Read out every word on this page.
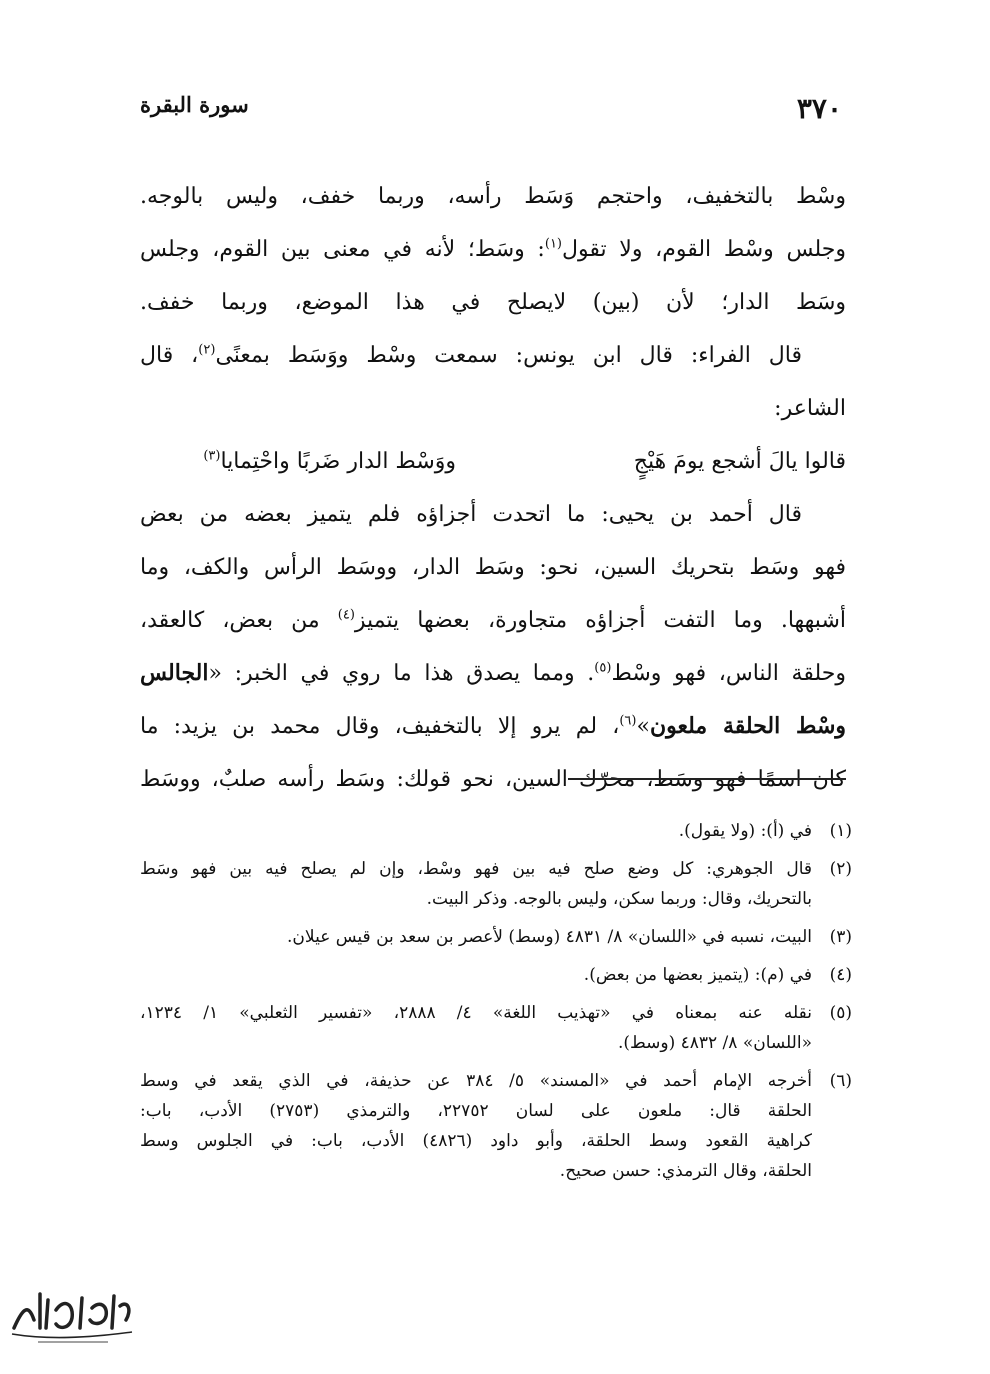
٣٧٠
سورة البقرة
وسْط بالتخفيف، واحتجم وَسَط رأسه، وربما خفف، وليس بالوجه.
وجلس وسْط القوم، ولا تقول$^{(١)}$: وسَط؛ لأنه في معنى بين القوم، وجلس
وسَط الدار؛ لأن (بين) لايصلح في هذا الموضع، وربما خفف.
قال الفراء: قال ابن يونس: سمعت وسْط ووَسَط بمعنًى$^{(٢)}$، قال
الشاعر:
قالوا يالَ أشجع يومَ هَيْجٍ
ووَسْط الدار ضَربًا واحْتِمايا$^{(٣)}$
قال أحمد بن يحيى: ما اتحدت أجزاؤه فلم يتميز بعضه من بعض
فهو وسَط بتحريك السين، نحو: وسَط الدار، ووسَط الرأس والكف، وما
أشبهها. وما التفت أجزاؤه متجاورة، بعضها يتميز$^{(٤)}$ من بعض، كالعقد،
وحلقة الناس، فهو وسْط$^{(٥)}$. ومما يصدق هذا ما روي في الخبر: «الجالس
وسْط الحلقة ملعون»$^{(٦)}$، لم يرو إلا بالتخفيف، وقال محمد بن يزيد: ما
كان اسمًا فهو وسَط، محرّك السين، نحو قولك: وسَط رأسه صلبٌ، ووسَط
(١)
في (أ): (ولا يقول).
(٢)
قال الجوهري: كل وضع صلح فيه بين فهو وسْط، وإن لم يصلح فيه بين فهو وسَط
بالتحريك، وقال: وربما سكن، وليس بالوجه. وذكر البيت.
(٣)
البيت، نسبه في «اللسان» ٨/ ٤٨٣١ (وسط) لأعصر بن سعد بن قيس عيلان.
(٤)
في (م): (يتميز بعضها من بعض).
(٥)
نقله عنه بمعناه في «تهذيب اللغة» ٤/ ٢٨٨٨، «تفسير الثعلبي» ١/ ١٢٣٤،
«اللسان» ٨/ ٤٨٣٢ (وسط).
(٦)
أخرجه الإمام أحمد في «المسند» ٥/ ٣٨٤ عن حذيفة، في الذي يقعد في وسط
الحلقة قال: ملعون على لسان ٢٢٧٥٢، والترمذي (٢٧٥٣) الأدب، باب:
كراهية القعود وسط الحلقة، وأبو داود (٤٨٢٦) الأدب، باب: في الجلوس وسط
الحلقة، وقال الترمذي: حسن صحيح.
